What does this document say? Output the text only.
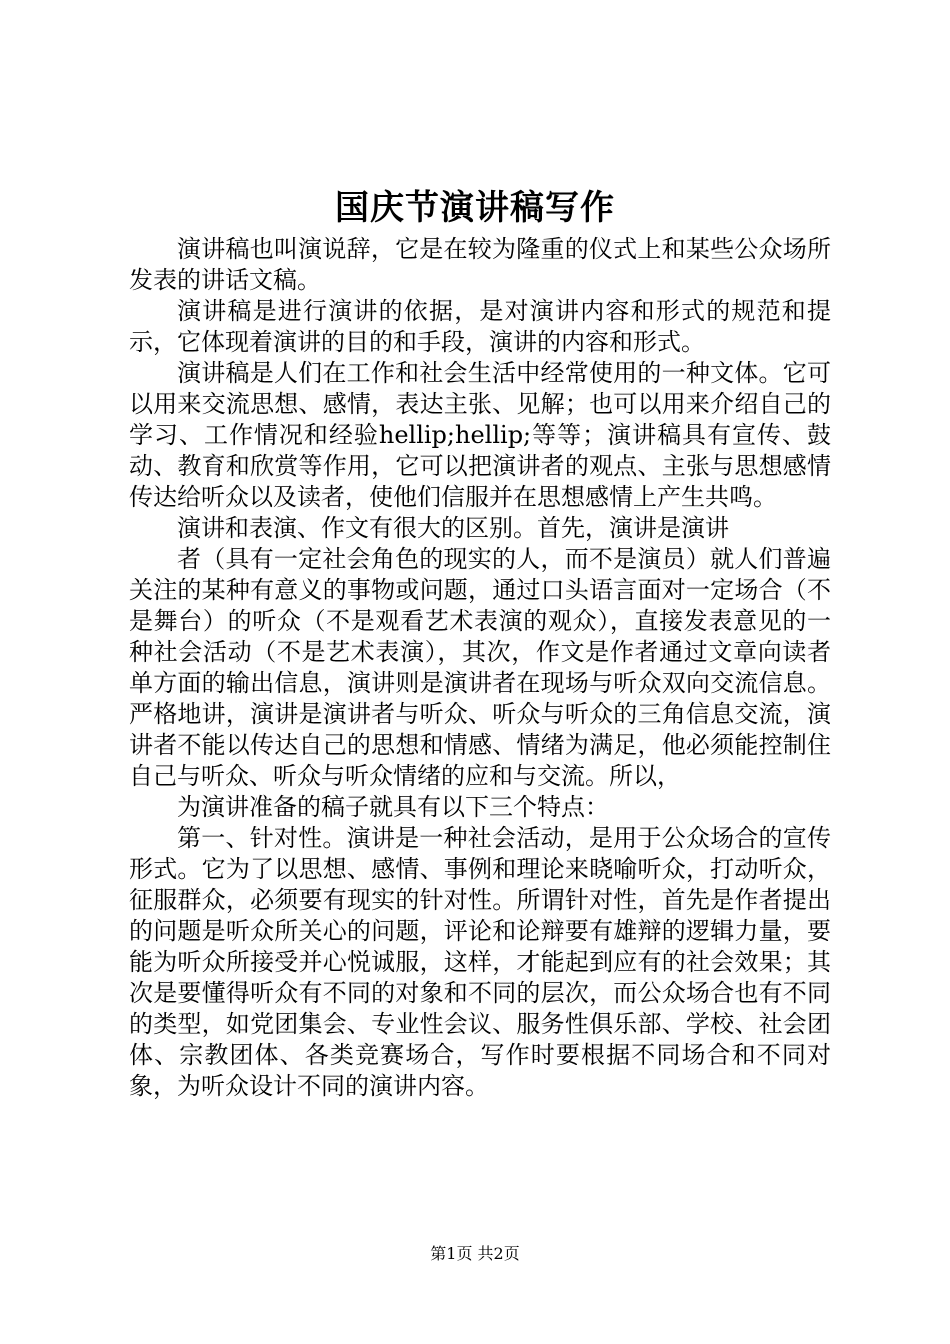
国庆节演讲稿写作

演讲稿也叫演说辞，它是在较为隆重的仪式上和某些公众场所发表的讲话文稿。

演讲稿是进行演讲的依据，是对演讲内容和形式的规范和提示，它体现着演讲的目的和手段，演讲的内容和形式。

演讲稿是人们在工作和社会生活中经常使用的一种文体。它可以用来交流思想、感情，表达主张、见解；也可以用来介绍自己的学习、工作情况和经验hellip;hellip;等等；演讲稿具有宣传、鼓动、教育和欣赏等作用，它可以把演讲者的观点、主张与思想感情传达给听众以及读者，使他们信服并在思想感情上产生共鸣。

演讲和表演、作文有很大的区别。首先，演讲是演讲

者（具有一定社会角色的现实的人，而不是演员）就人们普遍关注的某种有意义的事物或问题，通过口头语言面对一定场合（不是舞台）的听众（不是观看艺术表演的观众），直接发表意见的一种社会活动（不是艺术表演），其次，作文是作者通过文章向读者单方面的输出信息，演讲则是演讲者在现场与听众双向交流信息。严格地讲，演讲是演讲者与听众、听众与听众的三角信息交流，演讲者不能以传达自己的思想和情感、情绪为满足，他必须能控制住自己与听众、听众与听众情绪的应和与交流。所以，

为演讲准备的稿子就具有以下三个特点：

第一、针对性。演讲是一种社会活动，是用于公众场合的宣传形式。它为了以思想、感情、事例和理论来晓喻听众，打动听众，征服群众，必须要有现实的针对性。所谓针对性，首先是作者提出的问题是听众所关心的问题，评论和论辩要有雄辩的逻辑力量，要能为听众所接受并心悦诚服，这样，才能起到应有的社会效果；其次是要懂得听众有不同的对象和不同的层次，而公众场合也有不同的类型，如党团集会、专业性会议、服务性俱乐部、学校、社会团体、宗教团体、各类竞赛场合，写作时要根据不同场合和不同对象，为听众设计不同的演讲内容。

第1页 共2页
